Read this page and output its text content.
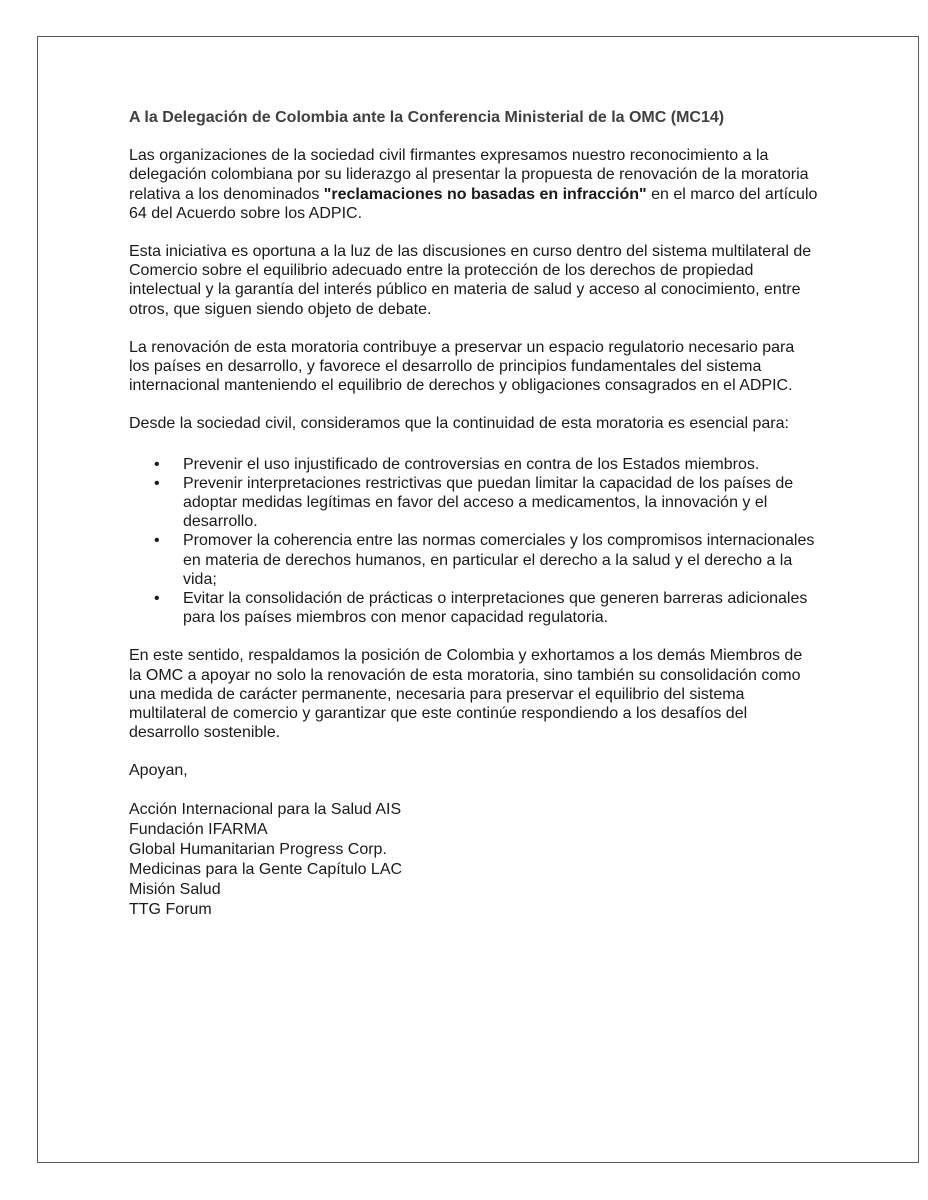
A la Delegación de Colombia ante la Conferencia Ministerial de la OMC (MC14)

Las organizaciones de la sociedad civil firmantes expresamos nuestro reconocimiento a la delegación colombiana por su liderazgo al presentar la propuesta de renovación de la moratoria relativa a los denominados "reclamaciones no basadas en infracción" en el marco del artículo 64 del Acuerdo sobre los ADPIC.

Esta iniciativa es oportuna a la luz de las discusiones en curso dentro del sistema multilateral de Comercio sobre el equilibrio adecuado entre la protección de los derechos de propiedad intelectual y la garantía del interés público en materia de salud y acceso al conocimiento, entre otros, que siguen siendo objeto de debate.

La renovación de esta moratoria contribuye a preservar un espacio regulatorio necesario para los países en desarrollo, y favorece el desarrollo de principios fundamentales del sistema internacional manteniendo el equilibrio de derechos y obligaciones consagrados en el ADPIC.

Desde la sociedad civil, consideramos que la continuidad de esta moratoria es esencial para:

• Prevenir el uso injustificado de controversias en contra de los Estados miembros.
• Prevenir interpretaciones restrictivas que puedan limitar la capacidad de los países de adoptar medidas legítimas en favor del acceso a medicamentos, la innovación y el desarrollo.
• Promover la coherencia entre las normas comerciales y los compromisos internacionales en materia de derechos humanos, en particular el derecho a la salud y el derecho a la vida;
• Evitar la consolidación de prácticas o interpretaciones que generen barreras adicionales para los países miembros con menor capacidad regulatoria.

En este sentido, respaldamos la posición de Colombia y exhortamos a los demás Miembros de la OMC a apoyar no solo la renovación de esta moratoria, sino también su consolidación como una medida de carácter permanente, necesaria para preservar el equilibrio del sistema multilateral de comercio y garantizar que este continúe respondiendo a los desafíos del desarrollo sostenible.

Apoyan,

Acción Internacional para la Salud AIS
Fundación IFARMA
Global Humanitarian Progress Corp.
Medicinas para la Gente Capítulo LAC
Misión Salud
TTG Forum
